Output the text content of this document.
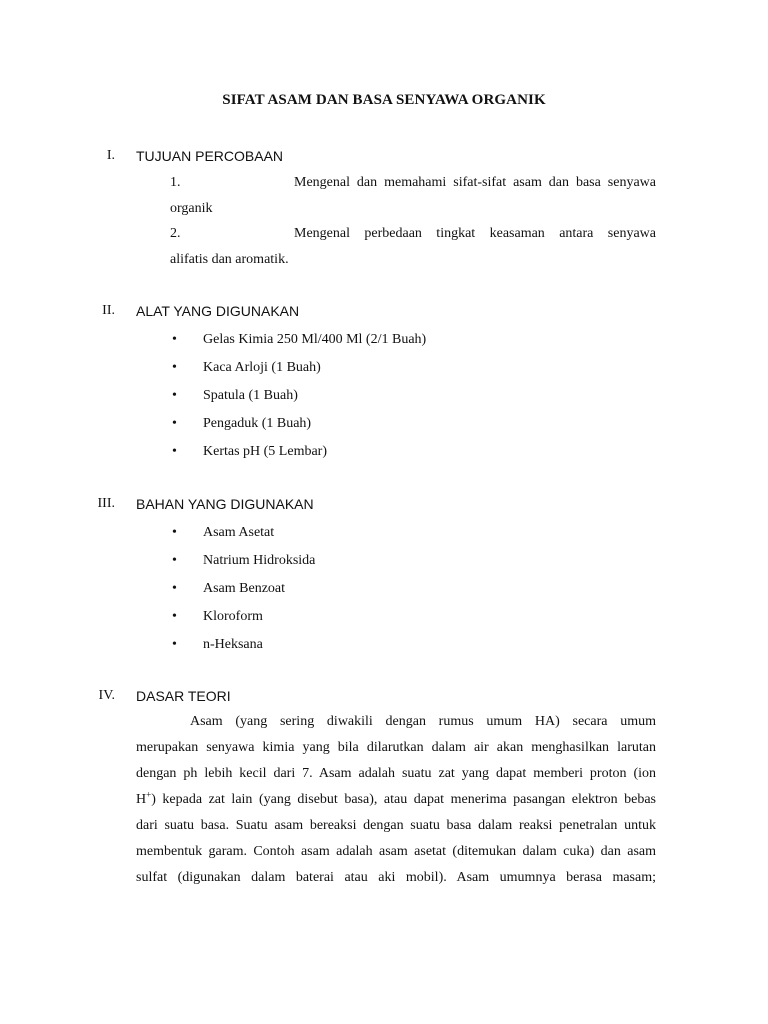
SIFAT ASAM DAN BASA SENYAWA ORGANIK
I. TUJUAN PERCOBAAN
1.	Mengenal dan memahami sifat-sifat asam dan basa senyawa
organik
2.	Mengenal perbedaan tingkat keasaman antara senyawa
alifatis dan aromatik.
II. ALAT YANG DIGUNAKAN
• Gelas Kimia 250 Ml/400 Ml (2/1 Buah)
• Kaca Arloji (1 Buah)
• Spatula (1 Buah)
• Pengaduk (1 Buah)
• Kertas pH (5 Lembar)
III. BAHAN YANG DIGUNAKAN
• Asam Asetat
• Natrium Hidroksida
• Asam Benzoat
• Kloroform
• n-Heksana
IV. DASAR TEORI
Asam (yang sering diwakili dengan rumus umum HA) secara umum
merupakan senyawa kimia yang bila dilarutkan dalam air akan menghasilkan larutan
dengan ph lebih kecil dari 7. Asam adalah suatu zat yang dapat memberi proton (ion
H+) kepada zat lain (yang disebut basa), atau dapat menerima pasangan elektron bebas
dari suatu basa. Suatu asam bereaksi dengan suatu basa dalam reaksi penetralan untuk
membentuk garam. Contoh asam adalah asam asetat (ditemukan dalam cuka) dan asam
sulfat (digunakan dalam baterai atau aki mobil). Asam umumnya berasa masam;
